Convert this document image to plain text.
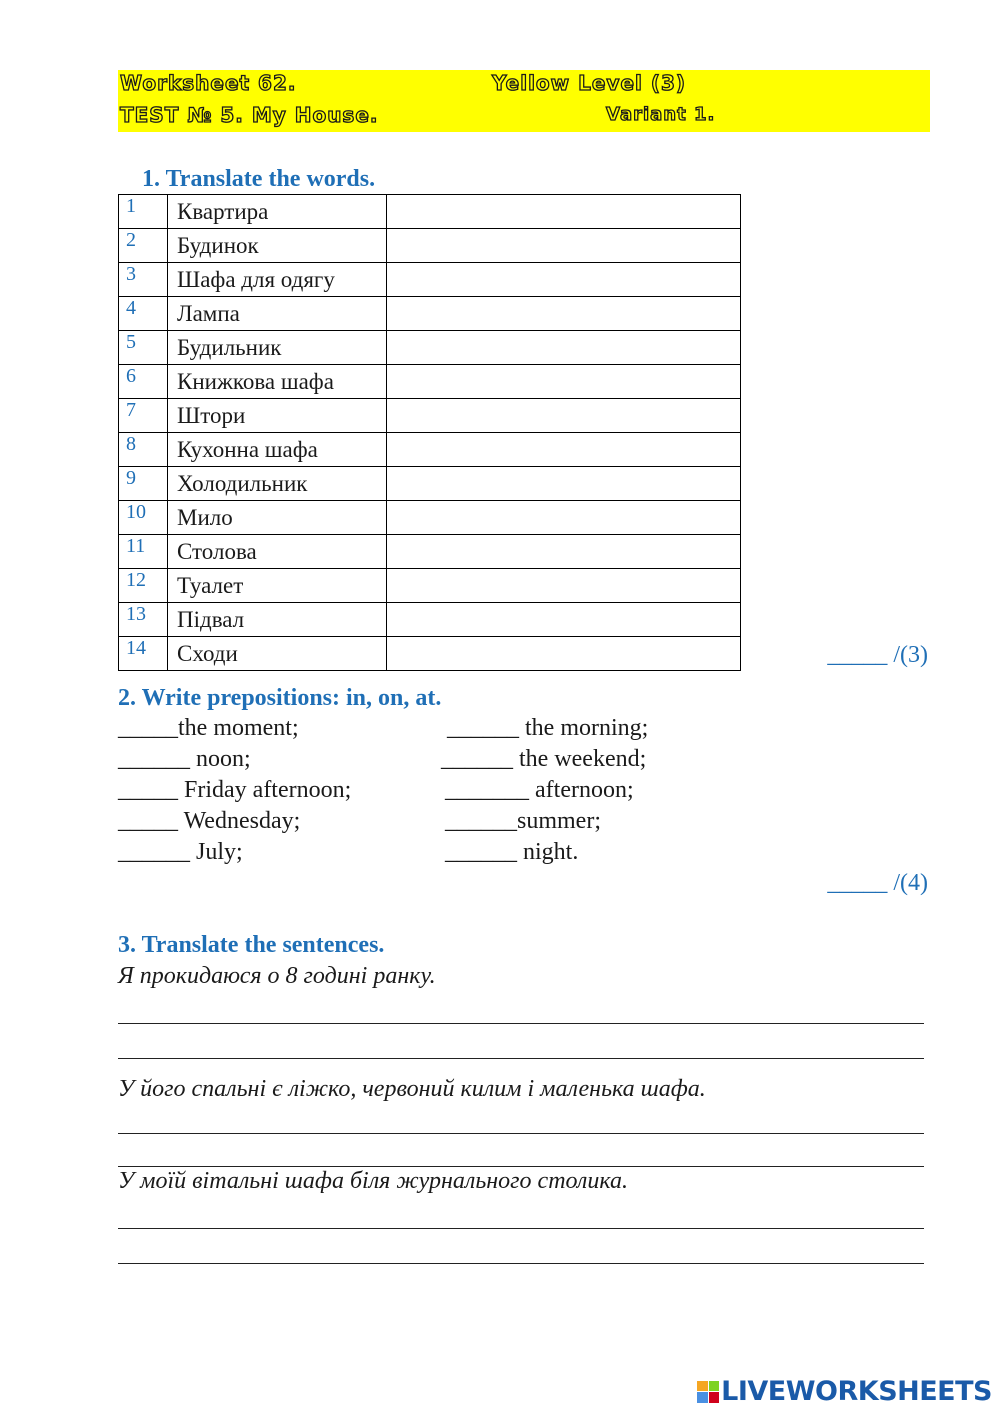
Worksheet 62.	Yellow Level (3)
TEST № 5. My House.	Variant 1.
1. Translate the words.
1	Квартира	
2	Будинок	
3	Шафа для одягу	
4	Лампа	
5	Будильник	
6	Книжкова шафа	
7	Штори	
8	Кухонна шафа	
9	Холодильник	
10	Мило	
11	Столова	
12	Туалет	
13	Підвал	
14	Сходи		_____ /(3)
2. Write prepositions: in, on, at.
_____the moment;
______ noon;
_____ Friday afternoon;
_____ Wednesday;
______ July;
______ the morning;
______ the weekend;
_______ afternoon;
______summer;
______ night.
_____ /(4)
3. Translate the sentences.
Я прокидаюся о 8 годині ранку.
У його спальні є ліжко, червоний килим і маленька шафа.
У моїй вітальні шафа біля журнального столика.
LIVEWORKSHEETS
